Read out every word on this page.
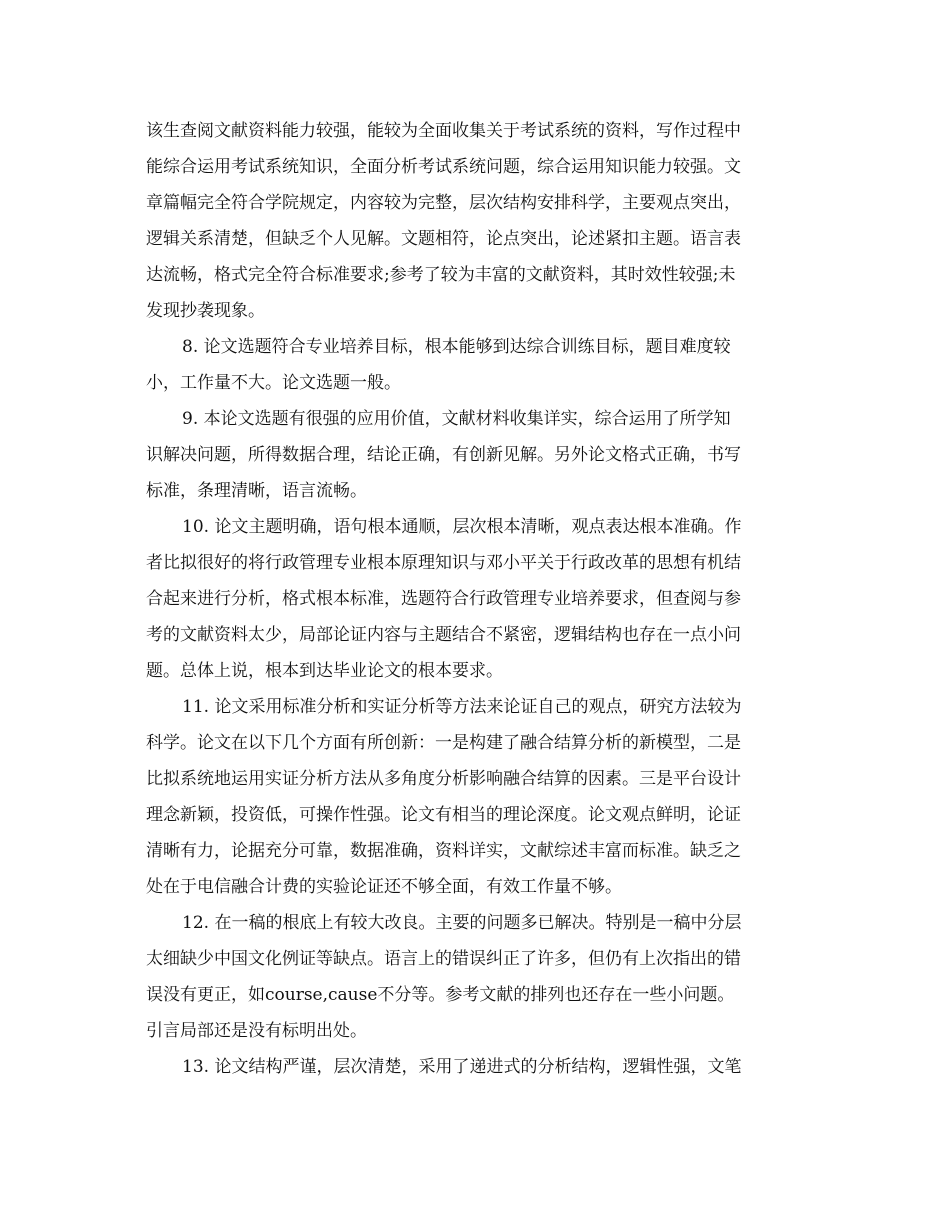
该生查阅文献资料能力较强，能较为全面收集关于考试系统的资料，写作过程中
能综合运用考试系统知识，全面分析考试系统问题，综合运用知识能力较强。文
章篇幅完全符合学院规定，内容较为完整，层次结构安排科学，主要观点突出，
逻辑关系清楚，但缺乏个人见解。文题相符，论点突出，论述紧扣主题。语言表
达流畅，格式完全符合标准要求;参考了较为丰富的文献资料，其时效性较强;未
发现抄袭现象。
8. 论文选题符合专业培养目标，根本能够到达综合训练目标，题目难度较
小，工作量不大。论文选题一般。
9. 本论文选题有很强的应用价值，文献材料收集详实，综合运用了所学知
识解决问题，所得数据合理，结论正确，有创新见解。另外论文格式正确，书写
标准，条理清晰，语言流畅。
10. 论文主题明确，语句根本通顺，层次根本清晰，观点表达根本准确。作
者比拟很好的将行政管理专业根本原理知识与邓小平关于行政改革的思想有机结
合起来进行分析，格式根本标准，选题符合行政管理专业培养要求，但查阅与参
考的文献资料太少，局部论证内容与主题结合不紧密，逻辑结构也存在一点小问
题。总体上说，根本到达毕业论文的根本要求。
11. 论文采用标准分析和实证分析等方法来论证自己的观点，研究方法较为
科学。论文在以下几个方面有所创新：一是构建了融合结算分析的新模型，二是
比拟系统地运用实证分析方法从多角度分析影响融合结算的因素。三是平台设计
理念新颖，投资低，可操作性强。论文有相当的理论深度。论文观点鲜明，论证
清晰有力，论据充分可靠，数据准确，资料详实，文献综述丰富而标准。缺乏之
处在于电信融合计费的实验论证还不够全面，有效工作量不够。
12. 在一稿的根底上有较大改良。主要的问题多已解决。特别是一稿中分层
太细缺少中国文化例证等缺点。语言上的错误纠正了许多，但仍有上次指出的错
误没有更正，如course,cause不分等。参考文献的排列也还存在一些小问题。
引言局部还是没有标明出处。
13. 论文结构严谨，层次清楚，采用了递进式的分析结构，逻辑性强，文笔
